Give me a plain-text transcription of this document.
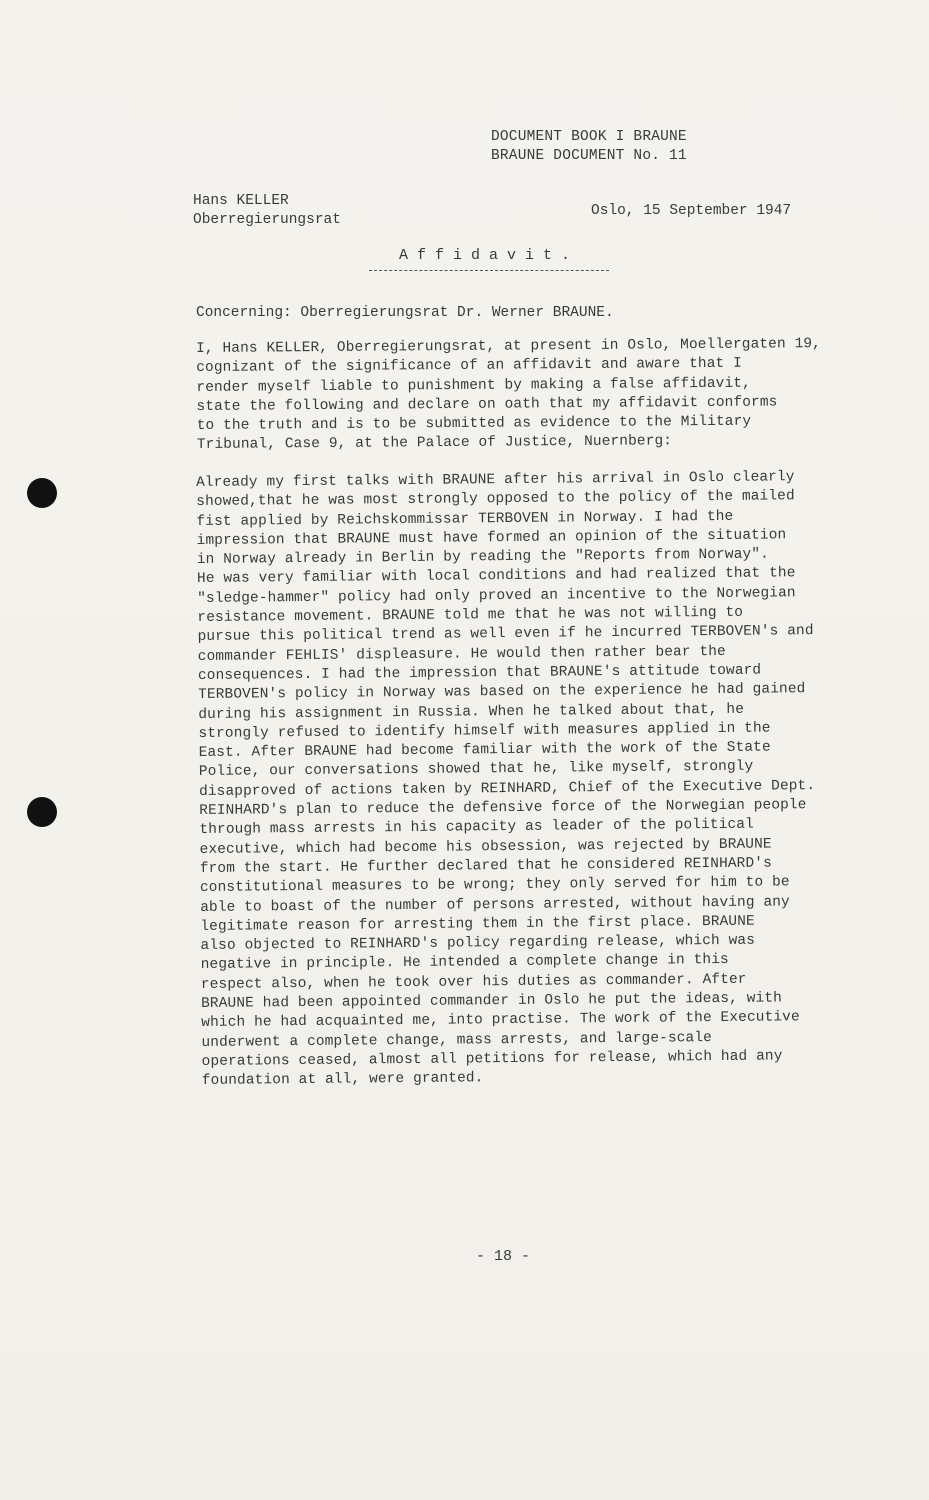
DOCUMENT BOOK I BRAUNE
BRAUNE DOCUMENT No. 11
Hans KELLER
Oberregierungsrat
Oslo, 15 September 1947
Affidavit.
Concerning: Oberregierungsrat Dr. Werner BRAUNE.
I, Hans KELLER, Oberregierungsrat, at present in Oslo, Moellergaten 19,
cognizant of the significance of an affidavit and aware that I
render myself liable to punishment by making a false affidavit,
state the following and declare on oath that my affidavit conforms
to the truth and is to be submitted as evidence to the Military
Tribunal, Case 9, at the Palace of Justice, Nuernberg:
Already my first talks with BRAUNE after his arrival in Oslo clearly
showed,that he was most strongly opposed to the policy of the mailed
fist applied by Reichskommissar TERBOVEN in Norway. I had the
impression that BRAUNE must have formed an opinion of the situation
in Norway already in Berlin by reading the "Reports from Norway".
He was very familiar with local conditions and had realized that the
"sledge-hammer" policy had only proved an incentive to the Norwegian
resistance movement. BRAUNE told me that he was not willing to
pursue this political trend as well even if he incurred TERBOVEN's and
commander FEHLIS' displeasure. He would then rather bear the
consequences. I had the impression that BRAUNE's attitude toward
TERBOVEN's policy in Norway was based on the experience he had gained
during his assignment in Russia. When he talked about that, he
strongly refused to identify himself with measures applied in the
East. After BRAUNE had become familiar with the work of the State
Police, our conversations showed that he, like myself, strongly
disapproved of actions taken by REINHARD, Chief of the Executive Dept.
REINHARD's plan to reduce the defensive force of the Norwegian people
through mass arrests in his capacity as leader of the political
executive, which had become his obsession, was rejected by BRAUNE
from the start. He further declared that he considered REINHARD's
constitutional measures to be wrong; they only served for him to be
able to boast of the number of persons arrested, without having any
legitimate reason for arresting them in the first place. BRAUNE
also objected to REINHARD's policy regarding release, which was
negative in principle. He intended a complete change in this
respect also, when he took over his duties as commander. After
BRAUNE had been appointed commander in Oslo he put the ideas, with
which he had acquainted me, into practise. The work of the Executive
underwent a complete change, mass arrests, and large-scale
operations ceased, almost all petitions for release, which had any
foundation at all, were granted.
- 18 -
